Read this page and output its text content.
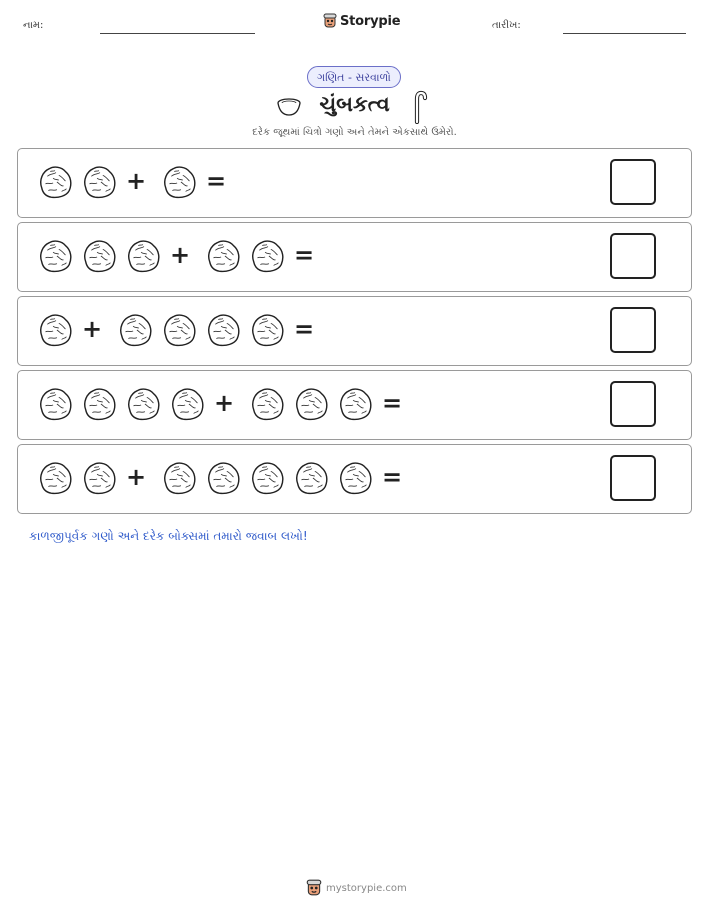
નામ:	Storypie	તારીખ:
ગણિત - સરવાળો
ચુંબકત્વ
દરેક જૂથમાં ચિત્રો ગણો અને તેમને એકસાથે ઉમેરો.
+ =
+	=
+	=
+	=
+	=
કાળજીપૂર્વક ગણો અને દરેક બોક્સમાં તમારો જવાબ લખો!
mystorypie.com
